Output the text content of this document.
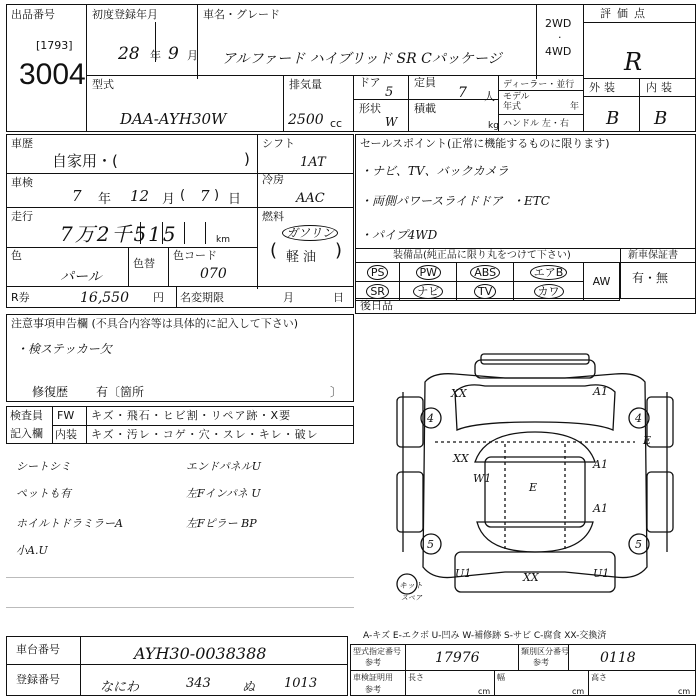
出品番号
[1793]
3004
初度登録年月
28 年 9 月
車名・グレード
アルファード ハイブリッド SR Cパッケージ
2WD
·
4WD
評価点
R
型式
DAA-AYH30W
排気量
2500 cc
ドア
5
定員
7 人
形状
W
積載
kg
ディーラー・並行
モデル年式	年
ハンドル 左・右
外装 内装
B B
車歴
自家用・(	)
シフト
1AT
車検
7 年 12 月 ( 7 ) 日
冷房
AAC
走行
7万2千515	km
燃料
ガソリン
軽油
(	)
色
パール
色替
色コード
070
R券	16,550 円 名変期限	月	日
セールスポイント(正常に機能するものに限ります)
・ナビ、TV、バックカメラ
・両側パワースライドドア ・ETC
・パイプ4WD
装備品(純正品に限り丸をつけて下さい)	新車保証書
有・無
PS	PW	ABS	エアB	AW
SR	ナビ	TV	カワ	
後日品
注意事項申告欄 (不具合内容等は具体的に記入して下さい)
・検ステッカー欠
修復歴 有〔箇所	〕
検査員
記入欄
FW キズ・飛石・ヒビ割・リペア跡・X要
内装 キズ・汚レ・コゲ・穴・スレ・キレ・破レ
シートシミ
ペットも有
ホイルトドラミラーA
小A.U
エンドパネルU
左Fインパネ U
左Fピラー BP
XX	A1
4	4
XX
E
A1
W1
E
5
A1
5
U1	XX	U1
キット
スペア
A-キズ E-エクボ U-凹み W-補修跡 S-サビ C-腐食 XX-交換済
車台番号	AYH30-0038388
登録番号
なにわ	343 ぬ 1013
型式指定番号
参考	17976	類別区分番号
参考	0118
車検証明用
参考
長さ
cm
幅
cm
高さ
cm
